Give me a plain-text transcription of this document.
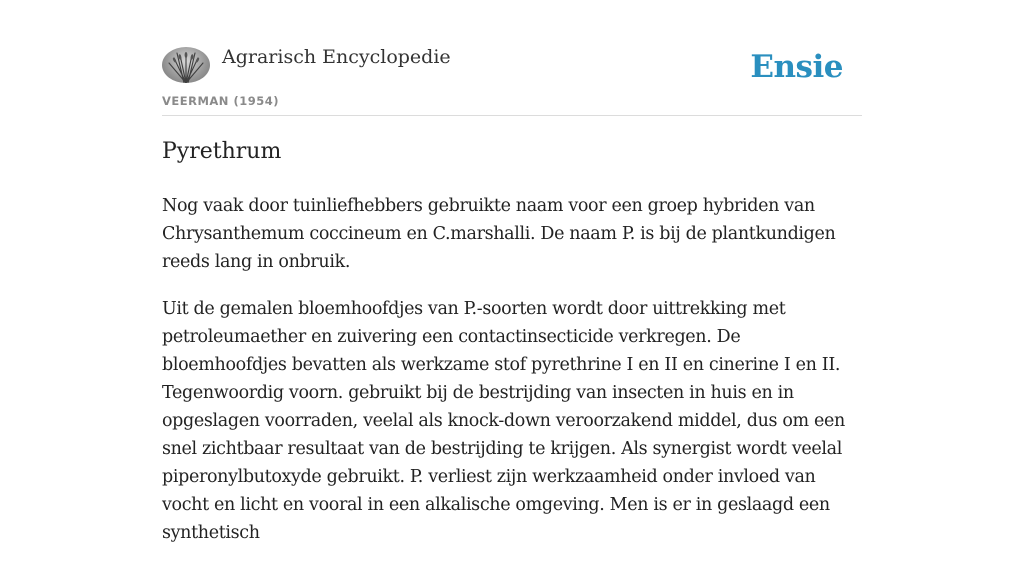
Agrarisch Encyclopedie
VEERMAN (1954)
Ensie
Pyrethrum

Nog vaak door tuinliefhebbers gebruikte naam voor een groep hybriden van Chrysanthemum coccineum en C.marshalli. De naam P. is bij de plantkundigen reeds lang in onbruik.

Uit de gemalen bloemhoofdjes van P.-soorten wordt door uittrekking met petroleumaether en zuivering een contactinsecticide verkregen. De bloemhoofdjes bevatten als werkzame stof pyrethrine I en II en cinerine I en II. Tegenwoordig voorn. gebruikt bij de bestrijding van insecten in huis en in opgeslagen voorraden, veelal als knock-down veroorzakend middel, dus om een snel zichtbaar resultaat van de bestrijding te krijgen. Als synergist wordt veelal piperonylbutoxyde gebruikt. P. verliest zijn werkzaamheid onder invloed van vocht en licht en vooral in een alkalische omgeving. Men is er in geslaagd een synthetisch
